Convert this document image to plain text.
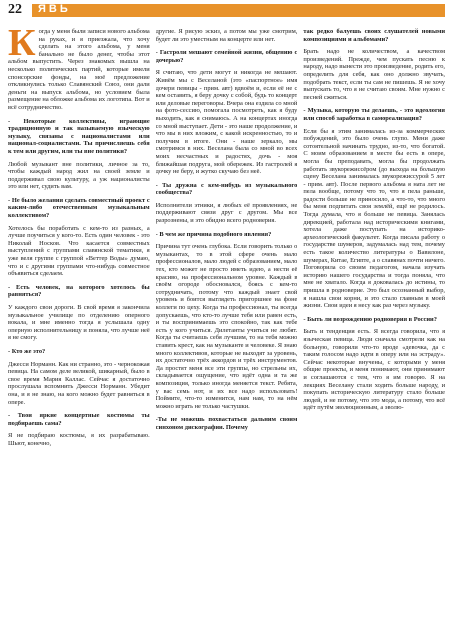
22 ЯВЬ

Когда у меня были записи нового альбома на руках, и я приезжала, что хочу сделать на этого альбома, у меня банально не было денег, чтобы этот альбом выпустить. Через знакомых вышла на несколько политических партий, которые имели спонсорские фонды, на моё предложение откликнулись только Славянский Союз, они дали деньги на выпуск альбома, но условием была размещение на обложке альбома их логотипа. Вот и всё сотрудничество.

- Некоторые коллективы, играющие традиционную и так называемую языческую музыку, связаны с националистами или национал-социалистами. Ты причисляешь себя к тем или другим, или ты вне политики?

Любой музыкант вне политики, личное за то, чтобы каждый народ жил на своей земле и поддерживал свою культуру, а уж националисты это или нет, судить вам.

- Не было желания сделать совместный проект с каким-либо отечественным музыкальным коллективом?

Хотелось бы поработать с кем-то из разных, а лучше поучиться у кого-то. Есть один человек - это Николай Носков. Что касается совместных выступлений с группами славянской тематики, я уже веля группе с группой «Веттер Воды» думаю, что и с другими группами что-нибудь совместное объявиться сделаем.

- Есть человек, на которого хотелось бы равняться?

У каждого свои дороги. В свой время я закончила музыкальное училище по отделению оперного вокала, и мне именно тогда я услышала одну оперную исполнительницу и поняла, что лучше неё я не смогу.

- Кто же это?

Джесси Норманн. Как ни странно, это - чернокожая певица. На самом деле великой, шикарный, было в свое время Мария Каллас. Сейчас я достаточно прослушала вспомнить Джесси Норманн. Убедит она, и я не знаю, на кого можно будет равняться в опере.

- Твои яркие концертные костюмы ты подбираешь сама?

Я не подбираю костюмы, я их разрабатываю. Шьют, конечно,

другие. Я рисую эскиз, а потом мы уже смотрим, будет ли это уместным на концерте или нет.

- Гастроли мешают семейной жизни, общению с дочерью?

Я считаю, что дети могут и никогда не мешают. Живём мы с Веселаной (это «паспортное» имя дочери певицы - прим. авт) вдвоём и, если её не с кем оставить, я беру дочку с собой, будь то концерт или деловые переговоры. Вчера она ездила со мной на фото-сессию, помогала посмотреть, как я буду выходить, как я снимаюсь. А на концертах иногда со мной выступает. Дети - это наше продолжение, и что мы в них вложим, с какой искренностью, то и получим в итоге. Они - наше зеркало, мы смотримся в них. Веселана была со мной во всех моих несчастных и радостях, дочь - моя ближайшая подруга, мой обережек. Из гастролей я дочку не беру, и жутко скучаю без неё.

- Ты дружна с кем-нибудь из музыкального сообщества?

Исполнители этники, я любых её проявлениях, не поддерживают связи друг с другом. Мы все разрознены, и это обидно всего родноверия.

- В чем же причина подобного явления?

Причина тут очень глубока. Если говорить только о музыкантах, то в этой сфере очень мало профессионалов, мало людей с образованием, мало тех, кто может не просто иметь идею, а нести её красиво, на профессиональном уровне. Каждый в своём огороде обосновался, боясь с кем-то сотрудничать, потому что каждый знает свой уровень и боится выглядеть пригоршнее на фоне коллеги по цеху. Когда ты профессионал, ты всегда допускаешь, что кто-то лучше тебя или равен есть, и ты воспринимаешь это спокойно, так как тебе есть у кого учиться. Дилетанты учиться не любят. Когда ты считаешь себя лучшим, то на тебя можно ставить крест, как на музыканте и человеке. Я знаю много коллективов, которые не выходят за уровень, их достаточно трёх аккордов и трёх инструментов. Да простят меня все эти группы, но стрельны их, складывается ощущение, что идёт одна и та же композиция, только иногда меняется текст. Ребята, у вас семь нот, и их все надо использовать! Поймите, что-то изменится, нам нам, то на нём можно играть не только частушки.

-Ты не можешь похвастаться дальним своим синхоном дискографии. Почему

так редко балуешь своих слушателей новыми композициями и альбомами?

Брать надо не количеством, а качеством произведений. Прежде, чем пускать песню к народу, надо вынести это произведение, родить его, определить для себя, как оно должно звучать, подобрать текст, если ты сам не пишешь. Я не хочу выпускать то, что я не считаю своим. Мне нужно с песней сжиться.

- Музыка, которую ты делаешь, - это идеология или способ заработка в самореализация?

Если бы я этим занималась из-за коммерческих побуждений, это было очень глупо. Мени даже сотоятельной начинать трудно, из-то, что богатой. С моим образованием в месте бы есть в опере, могла бы преподавать, могла бы продолжать работать звукорежиссёром (до выхода на большую сцену Веселана занималась звукорежиссурой 5 лет - прим. авт). После первого альбома я ната лет не пела вообще, потому что то, что я пела раньше, радости больше не приносило, а что-то, что много бы меня подпитать своя землёй, ещё не родилось. Тогда думала, что я больше не певица. Занялась дирекцией, работала над историческими книгами, хотела даже поступать на историко-археологический факультет. Когда писала работу о государстве шумеров, задумалась над тем, почему есть такое количество литературы о Вавилоне, шумерах, Китае, Египте, а о славянах почти ничего. Поговорила со своим педагогом, начала изучать историю нашего государства и тогда поняла, что мне не хватало. Когда я доковалась до истины, то пришла в родноверие. Это был осознанный выбор, я нашла свои корни, и это стало главным в моей жизни. Свои идеи я несу как раз через музыку.

- Быть ли возрождению родноверия в России?

Быть и тенденция есть. Я всегда говорила, что я языческая певица. Люди сначала смотрели как на больную, говорили что-то вроде «девочка, да с таким голосом надо идти в оперу или на эстраду». Сейчас некоторые внучены, с которыми у меня общие проекты, и меня понимают, они принимают и соглашаются с тем, что я им говорю. Я на лекциях Веселану стали ходить больше народу, и покупать историческую литературу стало больше людей, и не потому, что это мода, а потому, что всё идёт путём эволюционным, а эволю-
